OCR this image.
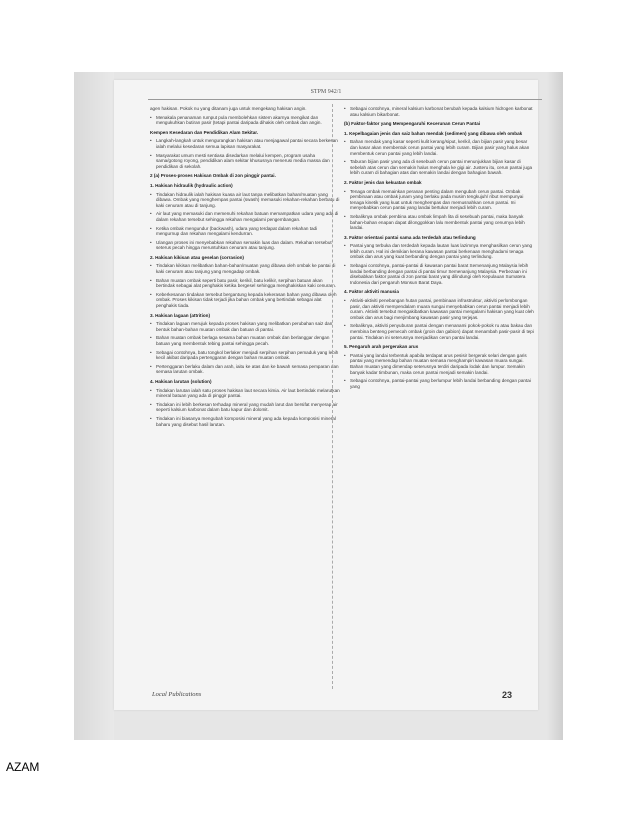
STPM 942/1

agen hakisan. Pokok nu yang ditanam juga untuk mengekang hakisan angin.

• Menakala penanaman rumput pula membolehkan sistem akarnya mengikat dan mengukuhkan butiran pasir (tetapi pantai daripada dihakis oleh ombak dan angin.

Kempen Kesedaran dan Pendidikan Alam Sekitar.

• Langkah-langkah untuk mengurangkan hakisan atau menjagawal pantai secara berkesan ialah melalui kesedaran semua lapisan masyarakat.

• Masyarakat umum mesti sentiasa disedarkan melalui kempen, program usaha sama/gotong royong, pendidikan alam sekitar khususnya menerusi media massa dan pendidikan di sekolah.

2 (a) Proses-proses Hakisan Ombak di zon pinggir pantai.

1. Hakisan hidraulik (hydraulic action)

• Tindakan hidraulik ialah hakisan kuasa air laut tanpa melibatkan bahan/muatan yang dibawa. Ombak yang menghempas pantai (swash) memasuki rekahan-rekahan berbatu di kaki cenuram atau di tanjung.

• Air laut yang memasuki dan memenuhi rekahan batuan memampatkan udara yang ada di dalam rekahan tersebut sehingga rekahan mengalami pengembangan.

• Ketika ombak mengundur (backwash), udara yang terdapat dalam rekahan tadi mengurnup dan rekahan mengalami kendurran.

• Ulangan proses ini menyebabkan rekahan semakin luas dan dalam. Rekahan tersebut seterus pecah hingga meruntuhkan cenuram atau tanjung.

2. Hakisan kikisan atau geselan (corrasion)

• Tindakan kikisan melibatkan bahan-bahan/muatan yang dibawa oleh ombak ke pantai di kaki cenuram atau tanjung yang mengadap ombak.

• Bahan muatan ombak seperti batu pasir, kerikil, batu kelikir, serpihan batuan akan bertindak sebagai alat penghakis ketika bergesel sehingga menghakiskan kaki cenuram.

• Keberkesanan tindakan tersebut bergantung kepada kekerasan bahan yang dibawa oleh ombak. Proses kikisan tidak terjadi jika bahan ombak yang bertindak sebagai alat penghakis tiada.

3. Hakisan lagaan (attrition)

• Tindakan lagaan merujuk kepada proses hakisan yang melibatkan perubahan saiz dan bentuk bahan-bahan muatan ombak dan batuan di pantai.

• Bahan muatan ombak berlaga sesama bahan muatan ombak dan berlanggar dengan batuan yang membentuk tebing pantai sehingga pecah.

• Sebagai contohnya, batu tongkol berlaker menjadi serpihan serpihan pemaduk yang lebih kecil akibat daripada pertenggaran dengan bahan muatan ombak.

• Pertenggaran berlaku dalam dan arah, iaitu ke atas dan ke bawah semasa pemparan dan semasa larutan ombak.

4. Hakisan larutan (solution)

• Tindakan larutan ialah satu proses hakisan laut secara kimia. Air laut bertindak melarutkan mineral batuan yang ada di pinggir pantai.

• Tindakan ini lebih berkesan terhadap mineral yang mudah larut dan bersifat menyerap air seperti kalsium karbonat dalam batu kapur dan dolomit.

• Tindakan ini biasanya mengubah komposisi mineral yang ada kepada komposisi mineral baharu yang disebut hasil larutan.

• Sebagai contohnya, mineral kalsium karbonat berubah kepada kalsium hidrogen karbonat atau kalsium bikarbonat.

(b) Faktor-faktor yang Mempengaruhi Kecerunan Cerun Pantai

1. Kepelbagaian jenis dan saiz bahan mendak (sedimen) yang dibawa oleh ombak

• Bahan mendak yang kasar seperti kulit kerang/siput, kerikil, dan bijian pasir yang besar dan kasar akan membentuk cerun pantai yang lebih curam. Bijian pasir yang halus akan membentuk cerun pantai yang lebih landai.

• Taburan bijian pasir yang ada di sesebuah cerun pantai menunjukkan bijian kasar di sebelah atas cerun dan semakin halus menghala ke gigi air. Justeru itu, cerun pantai juga lebih curam di bahagian atas dan semakin landai dengan bahagian bawah.

2. Faktor jenis dan kekuatan ombak

• Tenaga ombak memainkan peranan penting dalam mengubah cerun pantai. Ombak pembinaan atau ombak junam yang berlaku pada musim tengkujuh/ ribut mempunyai tenaga kinetik yang kuat untuk menghempas dan memusnahkan cerun pantai. Ini menyebabkan cerun pantai yang landai bertukar menjadi lebih curam.

• Sebaliknya ombak pembina atau ombak limpah lita di sesebuah pantai, maka banyak bahan-bahan enapan dapat dilonggokkan lalu membentuk pantai yang cenurnya lebih landai.

3. Faktor orientasi pantai sama ada terdedah atau terlindung

• Pantai yang terbuka dan terdedah kepada lautan luas lazimnya menghasilkan cerun yang lebih curam. Hal ini demikian kerana kawasan pantai berkenaan menghadami tenaga ombak dan arus yang kuat berbanding dengan pantai yang terlindung.

• Sebagai contohnya, pantai-pantai di kawasan pantai barat Semenanjung Malaysia lebih landai berbanding dengan pantai di pantai timur Semenanjung Malaysia. Perbezaan ini disebabkan faktor pantai di zon pantai barat yang dilindungi oleh Kepulauan Sumatera Indonesia dari pengaruh Monsun Barat Daya.

4. Faktor aktiviti manusia

• Aktiviti-aktiviti penebangan hutan pantai, pembinaan infrastruktur, aktiviti perlombongan pasir, dan aktiviti mempendalam muara sungai menyebabkan cerun pantai menjadi lebih curam. Aktiviti tersebut mengakibatkan kawasan pantai mengalami hakisan yang kuat oleh ombak dan arus bagi menjimbang kawasan pasir yang terjejas.

• Sebaliknya, aktiviti penyuburan pantai dengan menanami pokok-pokok ru atau bakau dan membina benteng pemecah ombak (groin dan gabion) dapat menambah pasir-pasir di tepi pantai. Tindakan ini seterusnya menjadikan cerun pantai landai.

5. Pengaruh arah pergerakan arus

• Pantai yang landai terbentuk apabila terdapat arus pesisir bergerak selari dengan garis pantai yang memendap bahan muatan semasa menghampiri kawasan muara sungai. Bahan muatan yang dimendap seterusnya terdiri daripada lodak dan lumpur. Semakin banyak kadar timbunan, maka cerun pantai menjadi semakin landai.

• Sebagai contohnya, pantai-pantai yang berlumpur lebih landai berbanding dengan pantai yang

Local Publications	23
AZAM
